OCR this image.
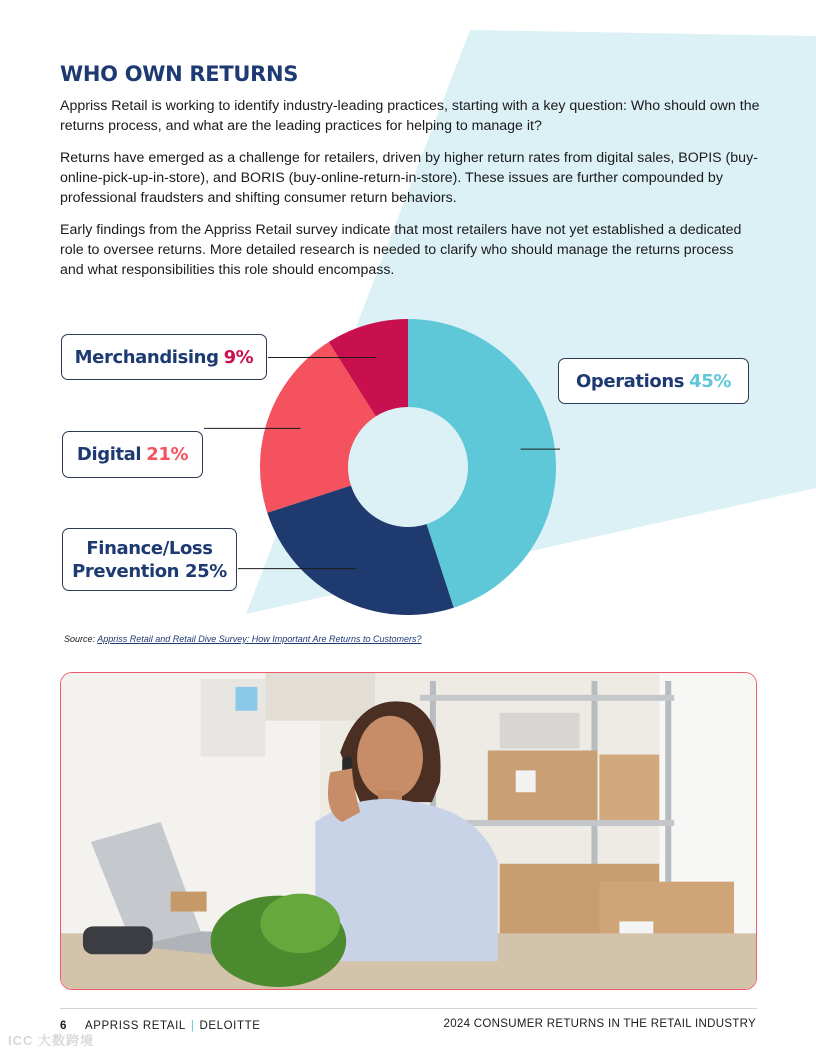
WHO OWN RETURNS

Appriss Retail is working to identify industry-leading practices, starting with a key question: Who should own the returns process, and what are the leading practices for helping to manage it?

Returns have emerged as a challenge for retailers, driven by higher return rates from digital sales, BOPIS (buy-online-pick-up-in-store), and BORIS (buy-online-return-in-store). These issues are further compounded by professional fraudsters and shifting consumer return behaviors.

Early findings from the Appriss Retail survey indicate that most retailers have not yet established a dedicated role to oversee returns. More detailed research is needed to clarify who should manage the returns process and what responsibilities this role should encompass.

Merchandising 9%
Operations 45%
Digital 21%
Finance/Loss
Prevention 25%

Source: Appriss Retail and Retail Dive Survey: How Important Are Returns to Customers?

6 APPRISS RETAIL | DELOITTE	2024 CONSUMER RETURNS IN THE RETAIL INDUSTRY
ICC 大数跨境
